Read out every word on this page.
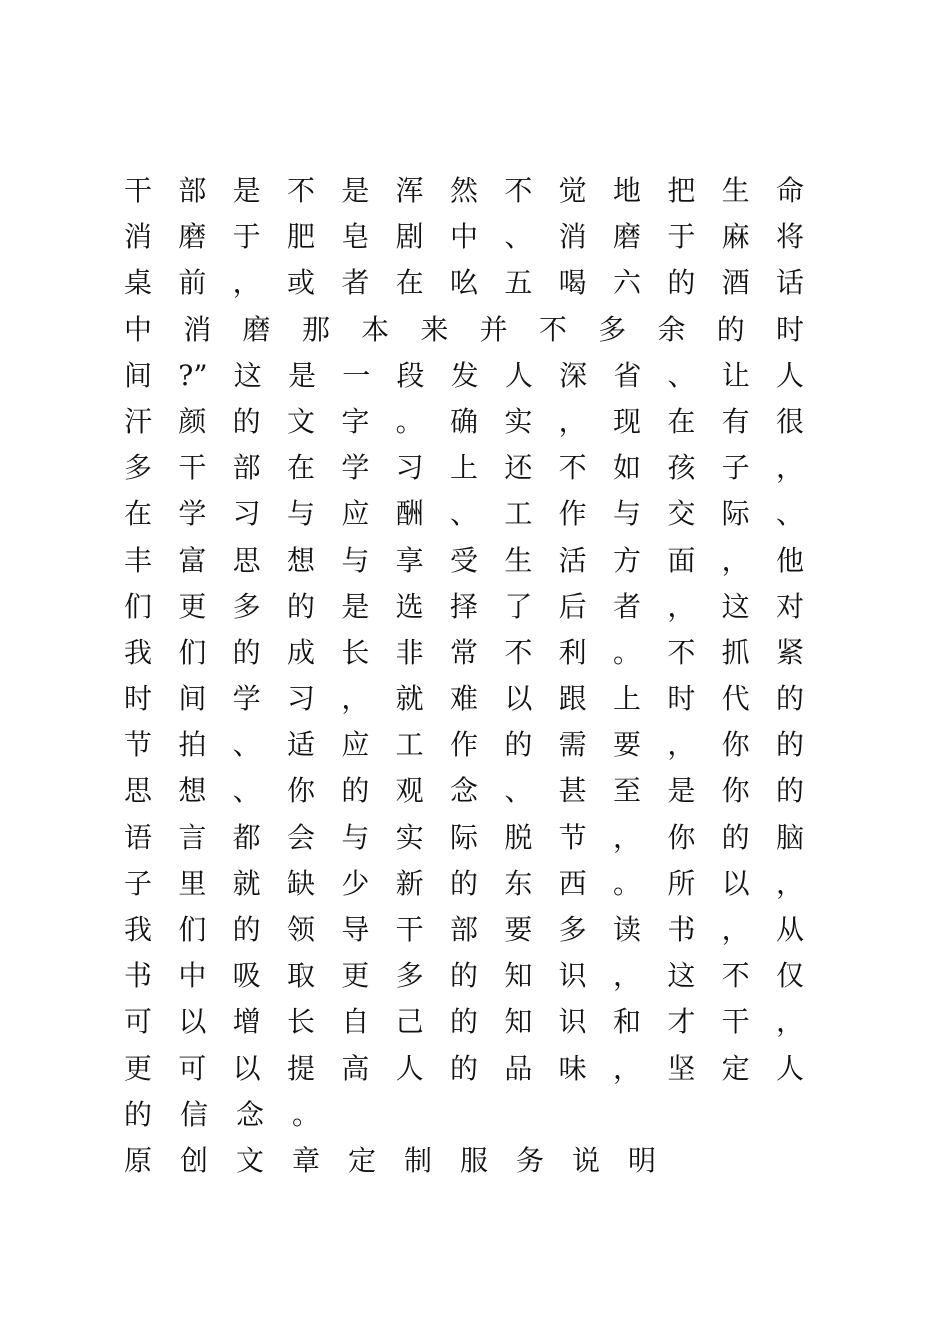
干部是不是浑然不觉地把生命
消磨于肥皂剧中、消磨于麻将
桌前，或者在吆五喝六的酒话
中消磨那本来并不多余的时
间?”这是一段发人深省、让人
汗颜的文字。确实，现在有很
多干部在学习上还不如孩子，
在学习与应酬、工作与交际、
丰富思想与享受生活方面，他
们更多的是选择了后者，这对
我们的成长非常不利。不抓紧
时间学习，就难以跟上时代的
节拍、适应工作的需要，你的
思想、你的观念、甚至是你的
语言都会与实际脱节，你的脑
子里就缺少新的东西。所以，
我们的领导干部要多读书，从
书中吸取更多的知识，这不仅
可以增长自己的知识和才干，
更可以提高人的品味，坚定人
的信念。
原创文章定制服务说明
